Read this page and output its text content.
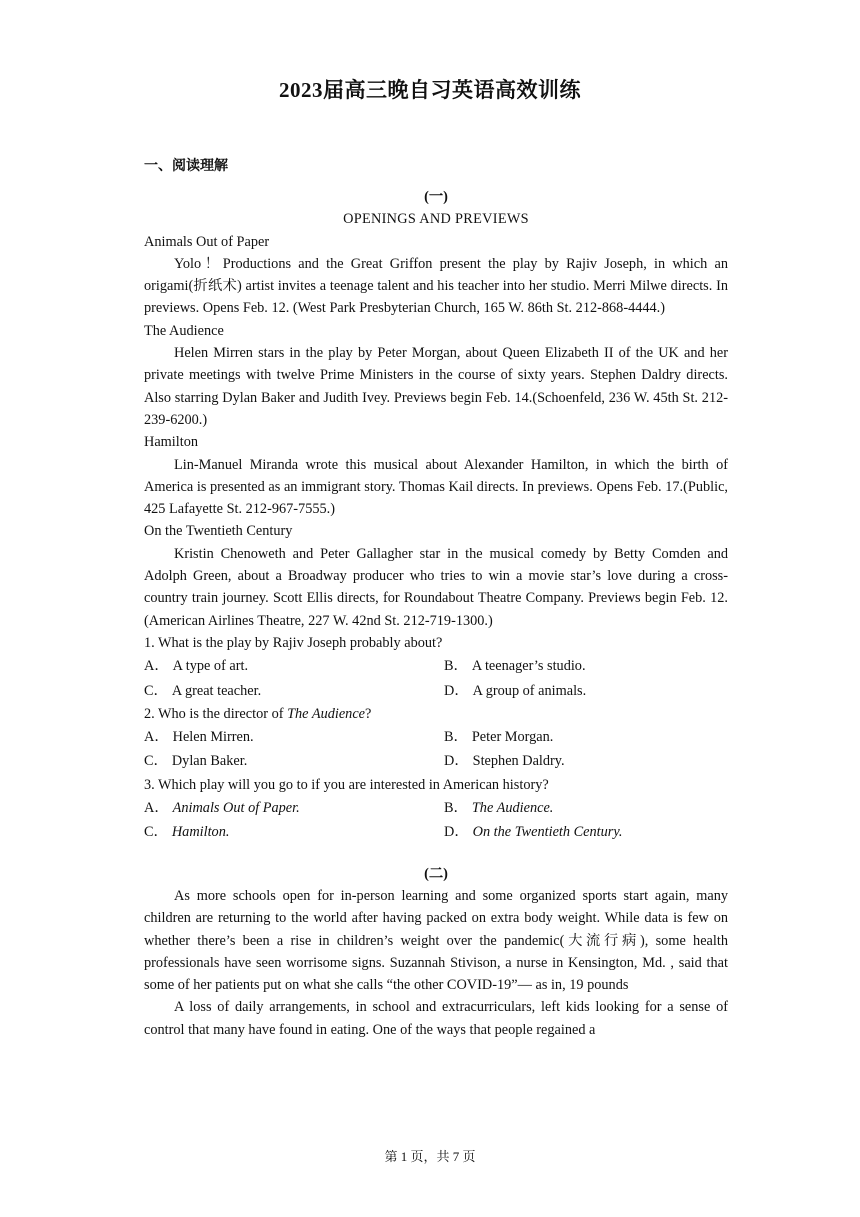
2023届高三晚自习英语高效训练
一、阅读理解

(一)

OPENINGS AND PREVIEWS

Animals Out of Paper

Yolo！Productions and the Great Griffon present the play by Rajiv Joseph, in which an origami(折纸术) artist invites a teenage talent and his teacher into her studio. Merri Milwe directs. In previews. Opens Feb. 12. (West Park Presbyterian Church, 165 W. 86th St. 212-868-4444.)

The Audience

Helen Mirren stars in the play by Peter Morgan, about Queen Elizabeth II of the UK and her private meetings with twelve Prime Ministers in the course of sixty years. Stephen Daldry directs. Also starring Dylan Baker and Judith Ivey. Previews begin Feb. 14.(Schoenfeld, 236 W. 45th St. 212-239-6200.)

Hamilton

Lin-Manuel Miranda wrote this musical about Alexander Hamilton, in which the birth of America is presented as an immigrant story. Thomas Kail directs. In previews. Opens Feb. 17.(Public, 425 Lafayette St. 212-967-7555.)

On the Twentieth Century

Kristin Chenoweth and Peter Gallagher star in the musical comedy by Betty Comden and Adolph Green, about a Broadway producer who tries to win a movie star’s love during a cross-country train journey. Scott Ellis directs, for Roundabout Theatre Company. Previews begin Feb. 12.(American Airlines Theatre, 227 W. 42nd St. 212-719-1300.)

1. What is the play by Rajiv Joseph probably about?

A． A type of art.	B． A teenager’s studio.
C． A great teacher.	D． A group of animals.

2. Who is the director of The Audience?

A． Helen Mirren.	B． Peter Morgan.
C． Dylan Baker.	D． Stephen Daldry.

3. Which play will you go to if you are interested in American history?

A． Animals Out of Paper.	B． The Audience.
C． Hamilton.	D． On the Twentieth Century.

(二)

As more schools open for in-person learning and some organized sports start again, many children are returning to the world after having packed on extra body weight. While data is few on whether there’s been a rise in children’s weight over the pandemic(大流行病), some health professionals have seen worrisome signs. Suzannah Stivison, a nurse in Kensington, Md. , said that some of her patients put on what she calls “the other COVID-19”— as in, 19 pounds

A loss of daily arrangements, in school and extracurriculars, left kids looking for a sense of control that many have found in eating. One of the ways that people regained a

第 1 页，共 7 页
